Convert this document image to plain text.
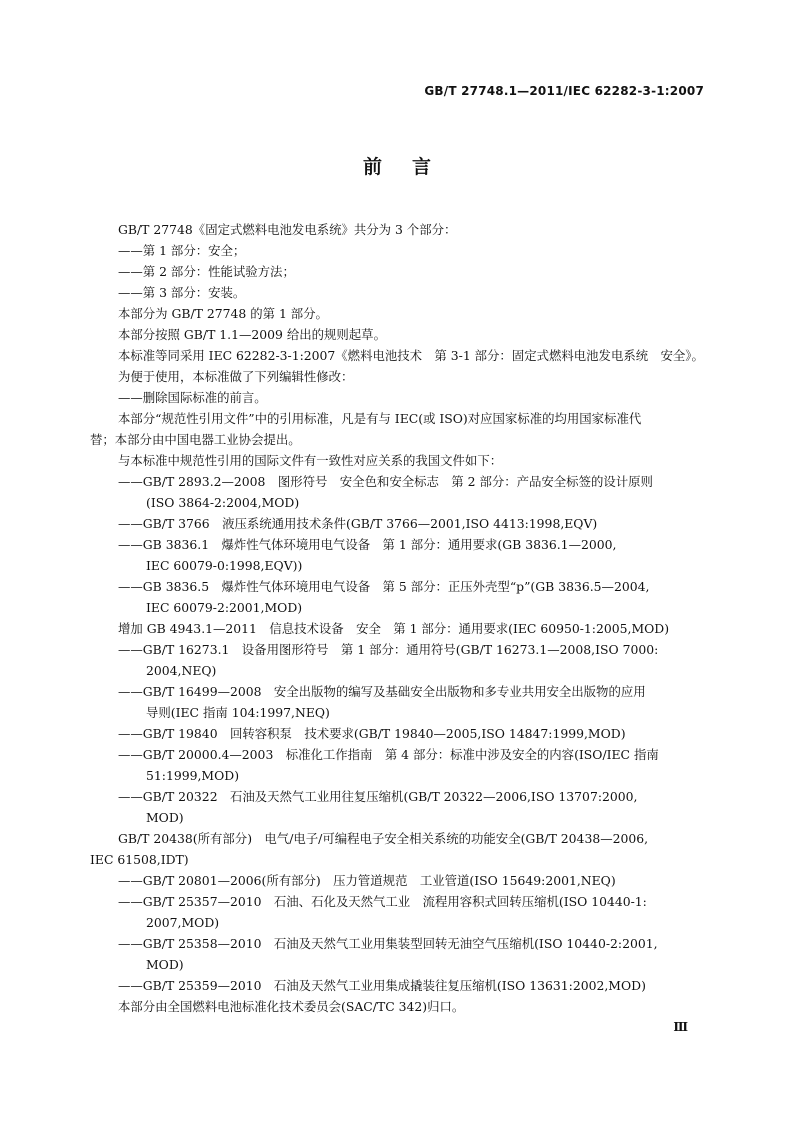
GB/T 27748.1—2011/IEC 62282-3-1:2007
前言
GB/T 27748《固定式燃料电池发电系统》共分为 3 个部分：
——第 1 部分：安全；
——第 2 部分：性能试验方法；
——第 3 部分：安装。
本部分为 GB/T 27748 的第 1 部分。
本部分按照 GB/T 1.1—2009 给出的规则起草。
本标准等同采用 IEC 62282-3-1:2007《燃料电池技术　第 3-1 部分：固定式燃料电池发电系统　安全》。
为便于使用，本标准做了下列编辑性修改：
——删除国际标准的前言。
本部分“规范性引用文件”中的引用标准，凡是有与 IEC(或 ISO)对应国家标准的均用国家标准代
替；本部分由中国电器工业协会提出。
与本标准中规范性引用的国际文件有一致性对应关系的我国文件如下：
——GB/T 2893.2—2008　图形符号　安全色和安全标志　第 2 部分：产品安全标签的设计原则
(ISO 3864-2:2004,MOD)
——GB/T 3766　液压系统通用技术条件(GB/T 3766—2001,ISO 4413:1998,EQV)
——GB 3836.1　爆炸性气体环境用电气设备　第 1 部分：通用要求(GB 3836.1—2000,
IEC 60079-0:1998,EQV))
——GB 3836.5　爆炸性气体环境用电气设备　第 5 部分：正压外壳型“p”(GB 3836.5—2004,
IEC 60079-2:2001,MOD)
增加 GB 4943.1—2011　信息技术设备　安全　第 1 部分：通用要求(IEC 60950-1:2005,MOD)
——GB/T 16273.1　设备用图形符号　第 1 部分：通用符号(GB/T 16273.1—2008,ISO 7000:
2004,NEQ)
——GB/T 16499—2008　安全出版物的编写及基础安全出版物和多专业共用安全出版物的应用
导则(IEC 指南 104:1997,NEQ)
——GB/T 19840　回转容积泵　技术要求(GB/T 19840—2005,ISO 14847:1999,MOD)
——GB/T 20000.4—2003　标准化工作指南　第 4 部分：标准中涉及安全的内容(ISO/IEC 指南
51:1999,MOD)
——GB/T 20322　石油及天然气工业用往复压缩机(GB/T 20322—2006,ISO 13707:2000,
MOD)
GB/T 20438(所有部分)　电气/电子/可编程电子安全相关系统的功能安全(GB/T 20438—2006,
IEC 61508,IDT)
——GB/T 20801—2006(所有部分)　压力管道规范　工业管道(ISO 15649:2001,NEQ)
——GB/T 25357—2010　石油、石化及天然气工业　流程用容积式回转压缩机(ISO 10440-1:
2007,MOD)
——GB/T 25358—2010　石油及天然气工业用集装型回转无油空气压缩机(ISO 10440-2:2001,
MOD)
——GB/T 25359—2010　石油及天然气工业用集成撬装往复压缩机(ISO 13631:2002,MOD)
本部分由全国燃料电池标准化技术委员会(SAC/TC 342)归口。
Ⅲ
